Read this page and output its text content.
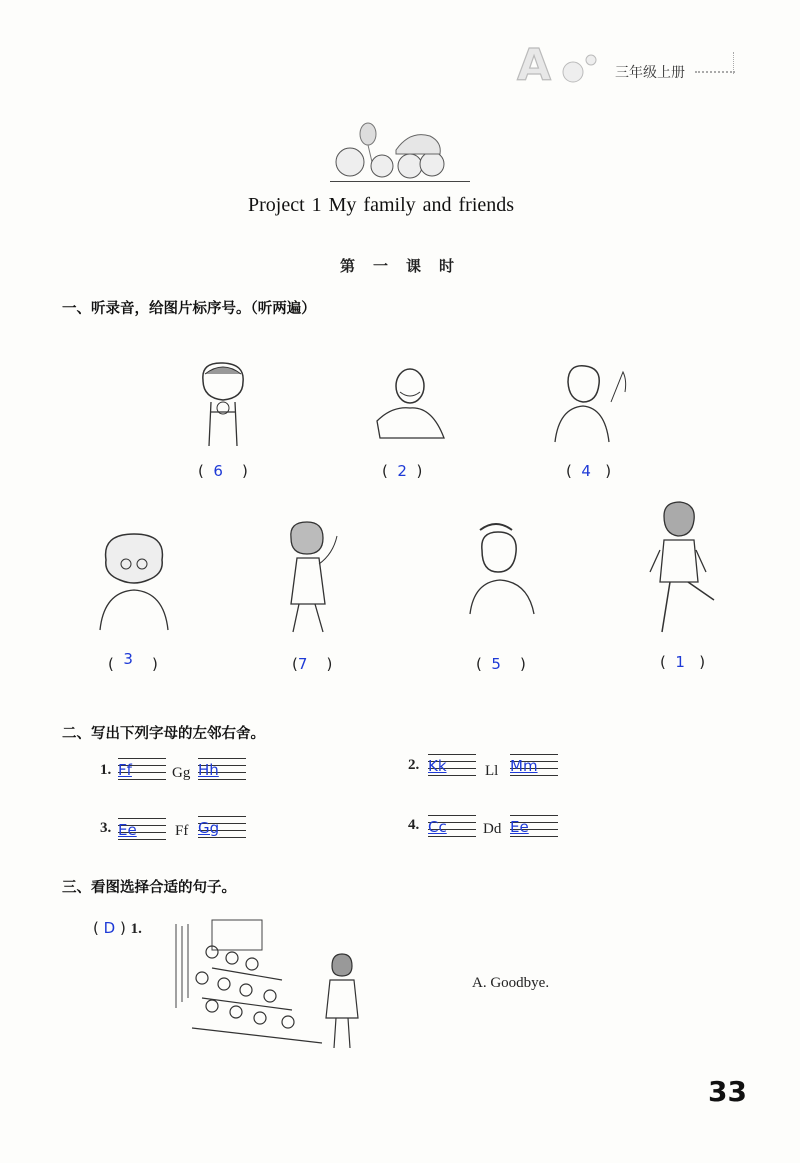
A	三年级上册
Project 1 My family and friends
第一课时
一、听录音，给图片标序号。（听两遍）
( 6 )	( 2 )	( 4 )
( 3 )	(7 )	( 5 )	( 1 )
二、写出下列字母的左邻右舍。
1. Ff	Gg Hh	2. Kk	Ll Mm
3. Ee	Ff Gg	4. Cc Dd Ee
三、看图选择合适的句子。
( D ) 1.
A. Goodbye.
33
